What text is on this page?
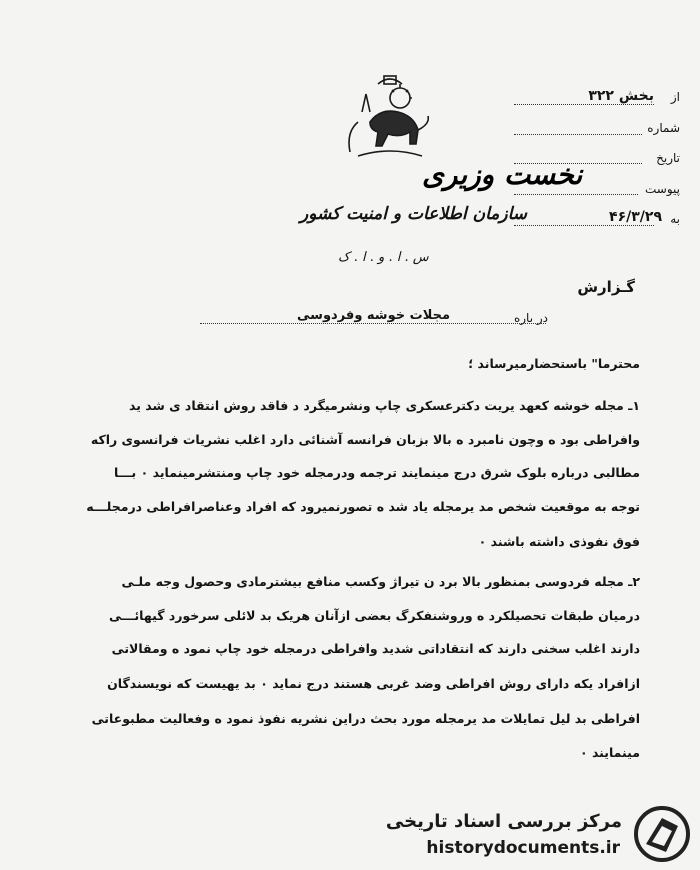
نخست وزیری
سازمان اطلاعات و امنیت کشور
س . ا . و . ا . ک
از
بخش ۳۲۲
شماره
تاریخ
پیوست
به
۴۶/۳/۲۹
گـزارش
در باره
مجلات خوشه وفردوسی
محترما" باستحضارمیرساند ؛
۱ـ مجله خوشه کعهد یریت دکترعسکری چاپ ونشرمیگرد د فاقد روش انتقاد ی شد ید
وافراطی بود ه وچون نامبرد ه بالا بزبان فرانسه آشنائی دارد اغلب نشریات فرانسوی راکه
مطالبی درباره بلوک شرق درج مینمایند ترجمه ودرمجله خود چاپ ومنتشرمینماید ۰ بـــا
توجه به موقعیت شخص مد یرمجله یاد شد ه تصورنمیرود که افراد وعناصرافراطی درمجلـــه
فوق نفوذی داشته باشند ۰
۲ـ مجله فردوسی بمنظور بالا برد ن تیراژ وکسب منافع بیشترمادی وحصول وجه ملـی
درمیان طبقات تحصیلکرد ه وروشنفکرگ بعضی ازآنان هریک بد لائلی سرخورد گیهائـــی
دارند اغلب سخنی دارند که انتقاداتی شدید وافراطی درمجله خود چاپ نمود ه ومقالاتی
ازافراد یکه دارای روش افراطی وضد غربی هستند درج نماید ۰ بد یهیست که نویسندگان
افراطی بد لیل تمایلات مد یرمجله مورد بحث دراین نشریه نفوذ نمود ه وفعالیت مطبوعاتی
مینمایند ۰
مرکز بررسی اسناد تاریخی
historydocuments.ir
